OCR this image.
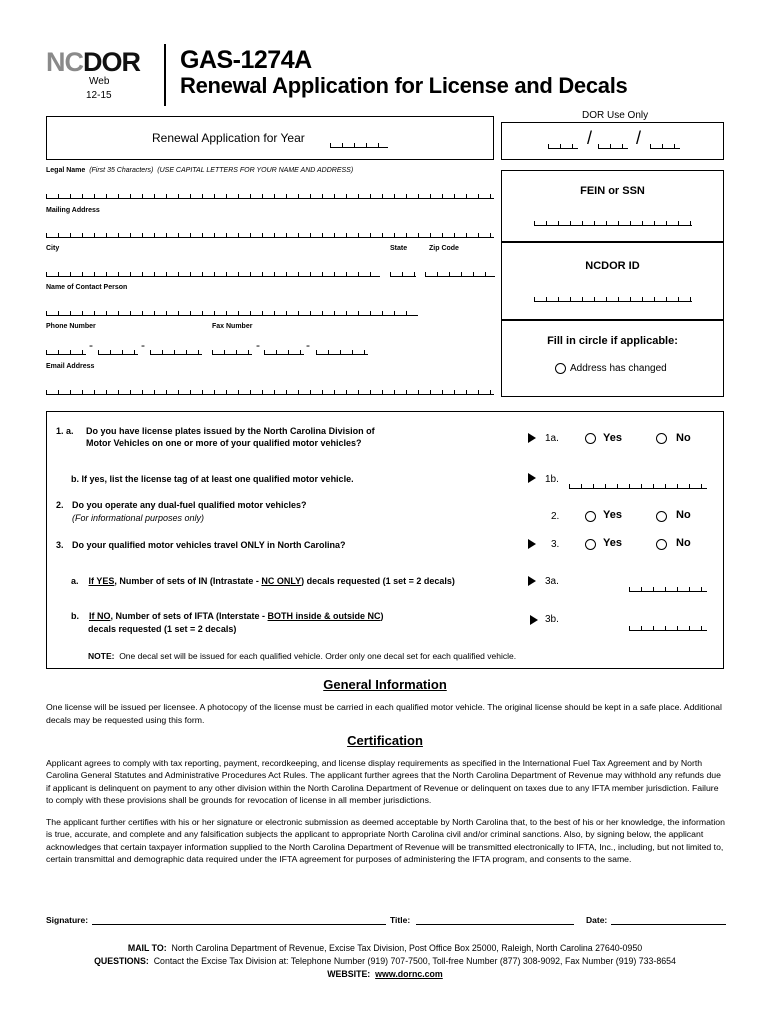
NCDOR
Web
12-15
GAS-1274A
Renewal Application for License and Decals
DOR Use Only
Renewal Application for Year	/ /
Legal Name (First 35 Characters) (USE CAPITAL LETTERS FOR YOUR NAME AND ADDRESS)
Mailing Address
City	State	Zip Code
Name of Contact Person
Phone Number	Fax Number
-	-	-	-
Email Address
FEIN or SSN
NCDOR ID
Fill in circle if applicable:
Address has changed
1. a. Do you have license plates issued by the North Carolina Division of
Motor Vehicles on one or more of your qualified motor vehicles?	1a.	Yes	No
b. If yes, list the license tag of at least one qualified motor vehicle.	1b.
2. Do you operate any dual-fuel qualified motor vehicles?
(For informational purposes only)	2.	Yes	No
3. Do your qualified motor vehicles travel ONLY in North Carolina?	3.	Yes	No
a. If YES, Number of sets of IN (Intrastate - NC ONLY) decals requested (1 set = 2 decals)	3a.
b. If NO, Number of sets of IFTA (Interstate - BOTH inside & outside NC)
decals requested (1 set = 2 decals)
3b.
NOTE: One decal set will be issued for each qualified vehicle. Order only one decal set for each qualified vehicle.
General Information
One license will be issued per licensee. A photocopy of the license must be carried in each qualified motor vehicle. The original license should be kept in a safe place. Additional decals may be requested using this form.
Certification
Applicant agrees to comply with tax reporting, payment, recordkeeping, and license display requirements as specified in the International Fuel Tax Agreement and by North Carolina General Statutes and Administrative Procedures Act Rules. The applicant further agrees that the North Carolina Department of Revenue may withhold any refunds due if applicant is delinquent on payment to any other division within the North Carolina Department of Revenue or delinquent on taxes due to any IFTA member jurisdiction. Failure to comply with these provisions shall be grounds for revocation of license in all member jurisdictions.
The applicant further certifies with his or her signature or electronic submission as deemed acceptable by North Carolina that, to the best of his or her knowledge, the information is true, accurate, and complete and any falsification subjects the applicant to appropriate North Carolina civil and/or criminal sanctions. Also, by signing below, the applicant acknowledges that certain taxpayer information supplied to the North Carolina Department of Revenue will be transmitted electronically to IFTA, Inc., including, but not limited to, certain transmittal and demographic data required under the IFTA agreement for purposes of administering the IFTA program, and consents to the same.
Signature:	Title:	Date:
MAIL TO: North Carolina Department of Revenue, Excise Tax Division, Post Office Box 25000, Raleigh, North Carolina 27640-0950
QUESTIONS: Contact the Excise Tax Division at: Telephone Number (919) 707-7500, Toll-free Number (877) 308-9092, Fax Number (919) 733-8654
WEBSITE: www.dornc.com
